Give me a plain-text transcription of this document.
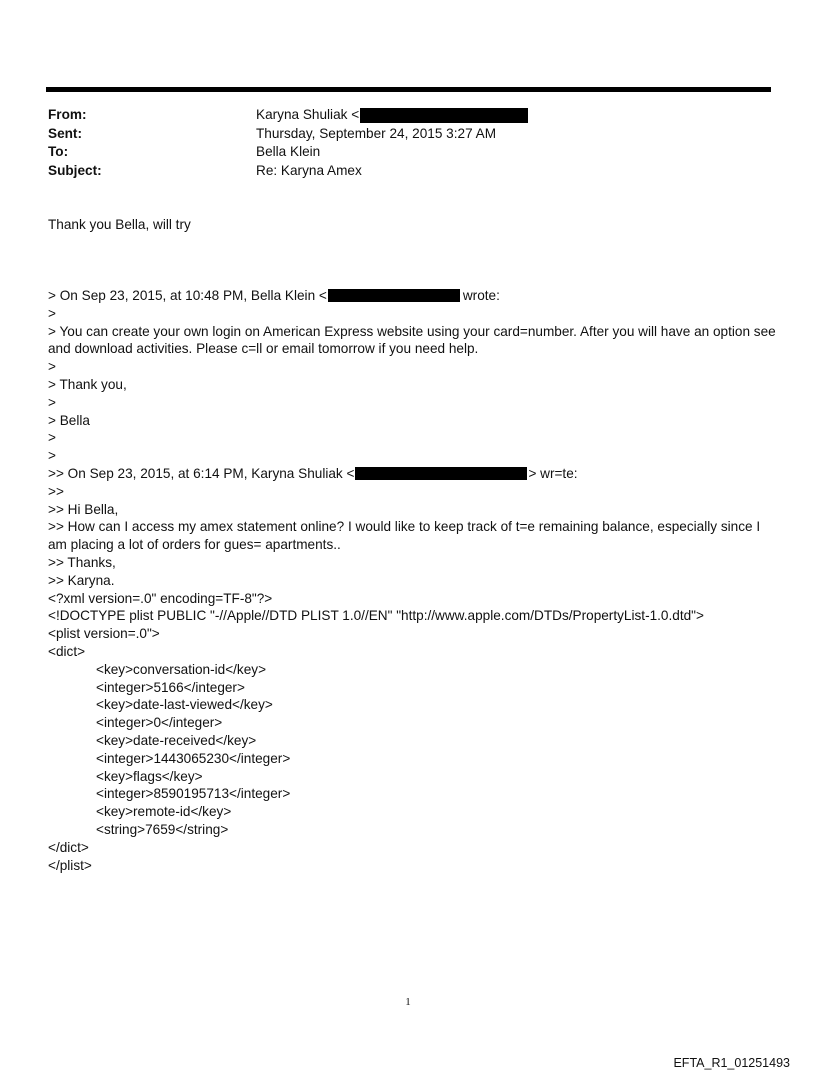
From:	Karyna Shuliak <
Sent:	Thursday, September 24, 2015 3:27 AM
To:	Bella Klein
Subject:	Re: Karyna Amex
Thank you Bella, will try
> On Sep 23, 2015, at 10:48 PM, Bella Klein <	wrote:
>
> You can create your own login on American Express website using your card=number. After you will have an option see and download activities. Please c=ll or email tomorrow if you need help.
>
> Thank you,
>
> Bella
>
>
>> On Sep 23, 2015, at 6:14 PM, Karyna Shuliak <	> wr=te:
>>
>> Hi Bella,
>> How can I access my amex statement online? I would like to keep track of t=e remaining balance, especially since I am placing a lot of orders for gues= apartments..
>> Thanks,
>> Karyna.
<?xml version=.0" encoding=TF-8"?>
<!DOCTYPE plist PUBLIC "-//Apple//DTD PLIST 1.0//EN" "http://www.apple.com/DTDs/PropertyList-1.0.dtd">
<plist version=.0">
<dict>
<key>conversation-id</key>
<integer>5166</integer>
<key>date-last-viewed</key>
<integer>0</integer>
<key>date-received</key>
<integer>1443065230</integer>
<key>flags</key>
<integer>8590195713</integer>
<key>remote-id</key>
<string>7659</string>
</dict>
</plist>
1
EFTA_R1_01251493
